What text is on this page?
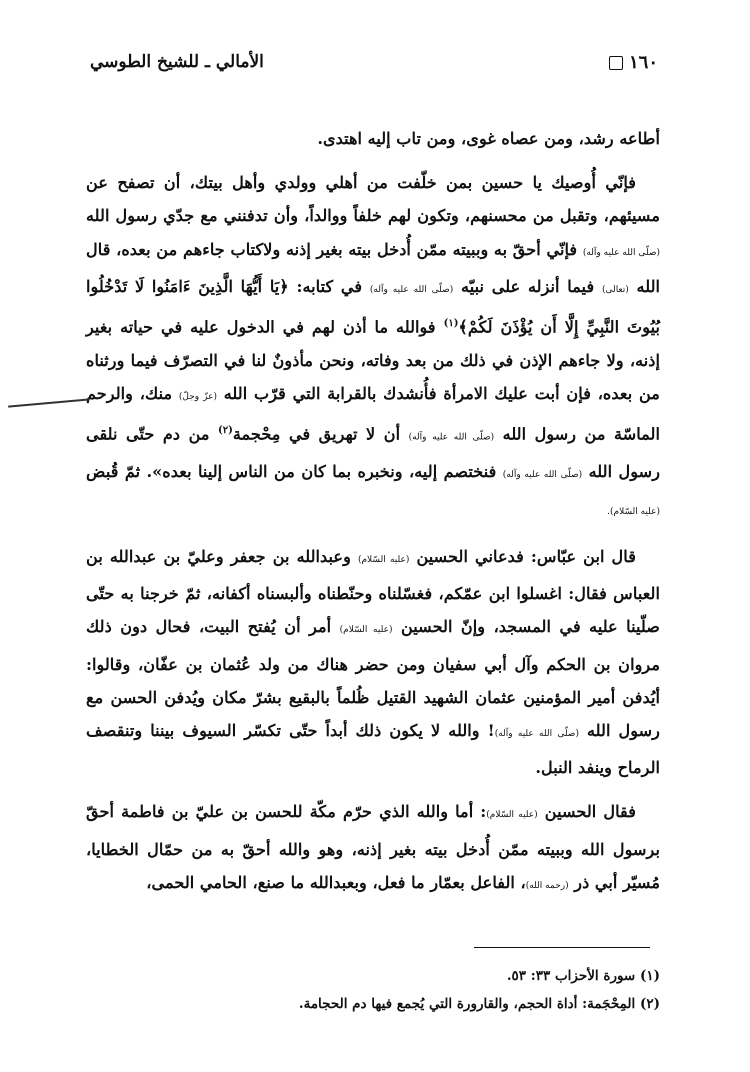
١٦٠
الأمالي ـ للشيخ الطوسي

أطاعه رشد، ومن عصاه غوى، ومن تاب إليه اهتدى.

فإنّي أُوصيك يا حسين بمن خلّفت من أهلي وولدي وأهل بيتك، أن تصفح عن مسيئهم، وتقبل من محسنهم، وتكون لهم خلفاً ووالداً، وأن تدفنني مع جدّي رسول الله (صلّى الله عليه وآله) فإنّي أحقّ به وببيته ممّن أُدخل بيته بغير إذنه ولاكتاب جاءهم من بعده، قال الله (تعالى) فيما أنزله على نبيّه (صلّى الله عليه وآله) في كتابه: ﴿يَا أَيُّهَا الَّذِينَ ءَامَنُوا لَا تَدْخُلُوا بُيُوتَ النَّبِيِّ إِلَّا أَن يُؤْذَنَ لَكُمْ﴾$^{(١)}$ فوالله ما أذن لهم في الدخول عليه في حياته بغير إذنه، ولا جاءهم الإذن في ذلك من بعد وفاته، ونحن مأذونٌ لنا في التصرّف فيما ورثناه من بعده، فإن أبت عليك الامرأة فأُنشدك بالقرابة التي قرّب الله (عزّ وجلّ) منك، والرحم الماسّة من رسول الله (صلّى الله عليه وآله) أن لا تهريق في مِحْجمة$^{(٢)}$ من دم حتّى نلقى رسول الله (صلّى الله عليه وآله) فنختصم إليه، ونخبره بما كان من الناس إلينا بعده». ثمّ قُبض (عليه السّلام).

قال ابن عبّاس: فدعاني الحسين (عليه السّلام) وعبدالله بن جعفر وعليّ بن عبدالله بن العباس فقال: اغسلوا ابن عمّكم، فغسّلناه وحنّطناه وألبسناه أكفانه، ثمّ خرجنا به حتّى صلّينا عليه في المسجد، وإنّ الحسين (عليه السّلام) أمر أن يُفتح البيت، فحال دون ذلك مروان بن الحكم وآل أبي سفيان ومن حضر هناك من ولد عُثمان بن عفّان، وقالوا: أيُدفن أمير المؤمنين عثمان الشهيد القتيل ظُلماً بالبقيع بشرّ مكان ويُدفن الحسن مع رسول الله (صلّى الله عليه وآله)! والله لا يكون ذلك أبداً حتّى تكسّر السيوف بيننا وتنقصف الرماح وينفد النبل.

فقال الحسين (عليه السّلام): أما والله الذي حرّم مكّة للحسن بن عليّ بن فاطمة أحقّ برسول الله وببيته ممّن أُدخل بيته بغير إذنه، وهو والله أحقّ به من حمّال الخطايا، مُسيّر أبي ذر (رحمه الله)، الفاعل بعمّار ما فعل، وبعبدالله ما صنع، الحامي الحمى،

(١) سورة الأحزاب ٣٣: ٥٣.
(٢) المِحْجَمة: أداة الحجم، والقارورة التي يُجمع فيها دم الحجامة.
